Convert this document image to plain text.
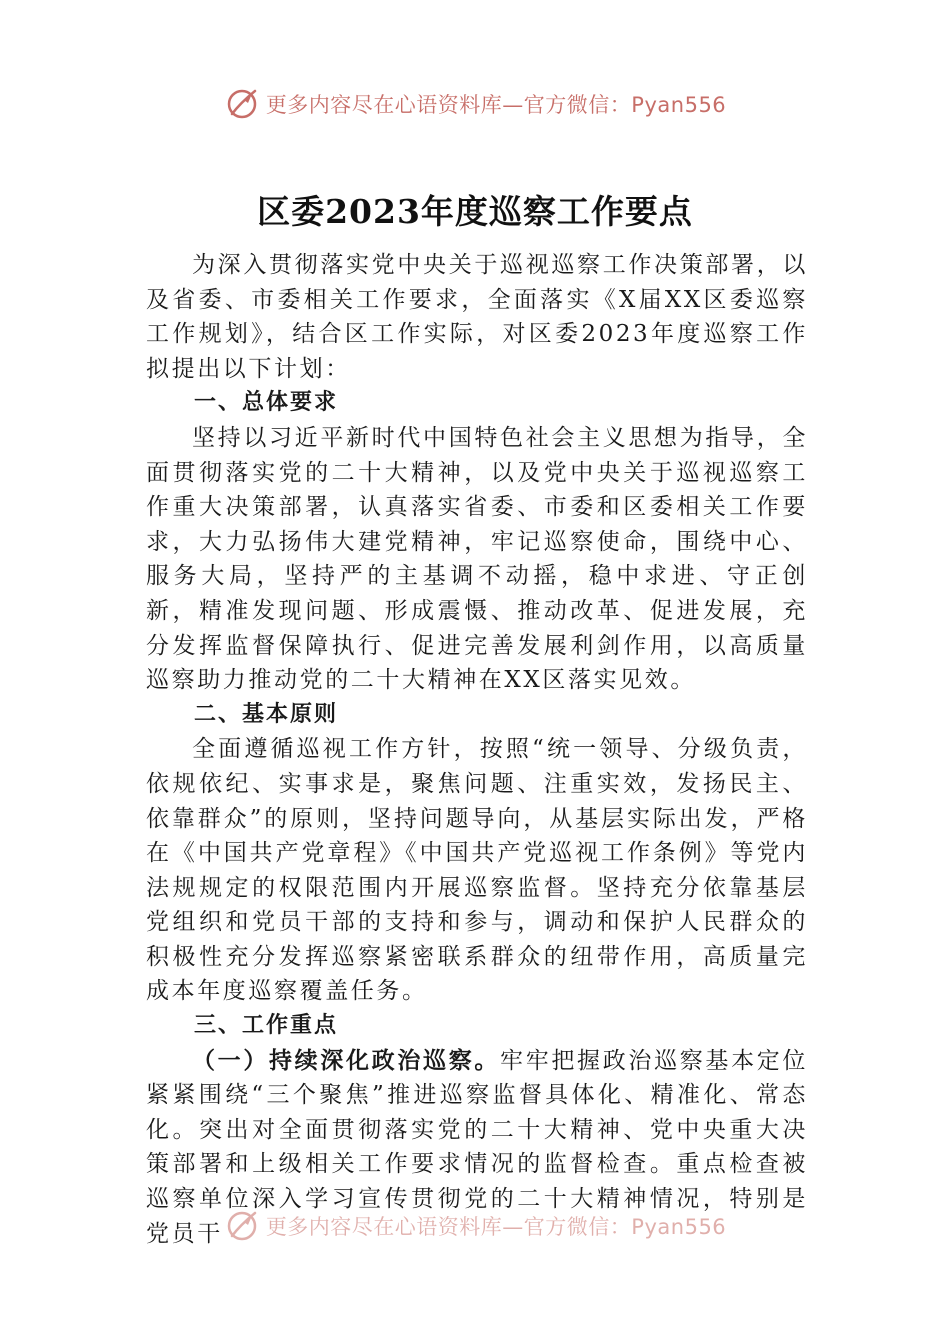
更多内容尽在心语资料库—官方微信：Pyan556
区委2023年度巡察工作要点

为深入贯彻落实党中央关于巡视巡察工作决策部署，以及省委、市委相关工作要求，全面落实《X届XX区委巡察工作规划》，结合区工作实际，对区委2023年度巡察工作拟提出以下计划：

一、总体要求

坚持以习近平新时代中国特色社会主义思想为指导，全面贯彻落实党的二十大精神，以及党中央关于巡视巡察工作重大决策部署，认真落实省委、市委和区委相关工作要求，大力弘扬伟大建党精神，牢记巡察使命，围绕中心、服务大局，坚持严的主基调不动摇，稳中求进、守正创新，精准发现问题、形成震慑、推动改革、促进发展，充分发挥监督保障执行、促进完善发展利剑作用，以高质量巡察助力推动党的二十大精神在XX区落实见效。

二、基本原则

全面遵循巡视工作方针，按照“统一领导、分级负责，依规依纪、实事求是，聚焦问题、注重实效，发扬民主、依靠群众”的原则，坚持问题导向，从基层实际出发，严格在《中国共产党章程》《中国共产党巡视工作条例》等党内法规规定的权限范围内开展巡察监督。坚持充分依靠基层党组织和党员干部的支持和参与，调动和保护人民群众的积极性充分发挥巡察紧密联系群众的纽带作用，高质量完成本年度巡察覆盖任务。

三、工作重点

（一）持续深化政治巡察。牢牢把握政治巡察基本定位紧紧围绕“三个聚焦”推进巡察监督具体化、精准化、常态化。突出对全面贯彻落实党的二十大精神、党中央重大决策部署和上级相关工作要求情况的监督检查。重点检查被巡察单位深入学习宣传贯彻党的二十大精神情况，特别是党员干	更多内容尽在心语资料库—官方微信：Pyan556
